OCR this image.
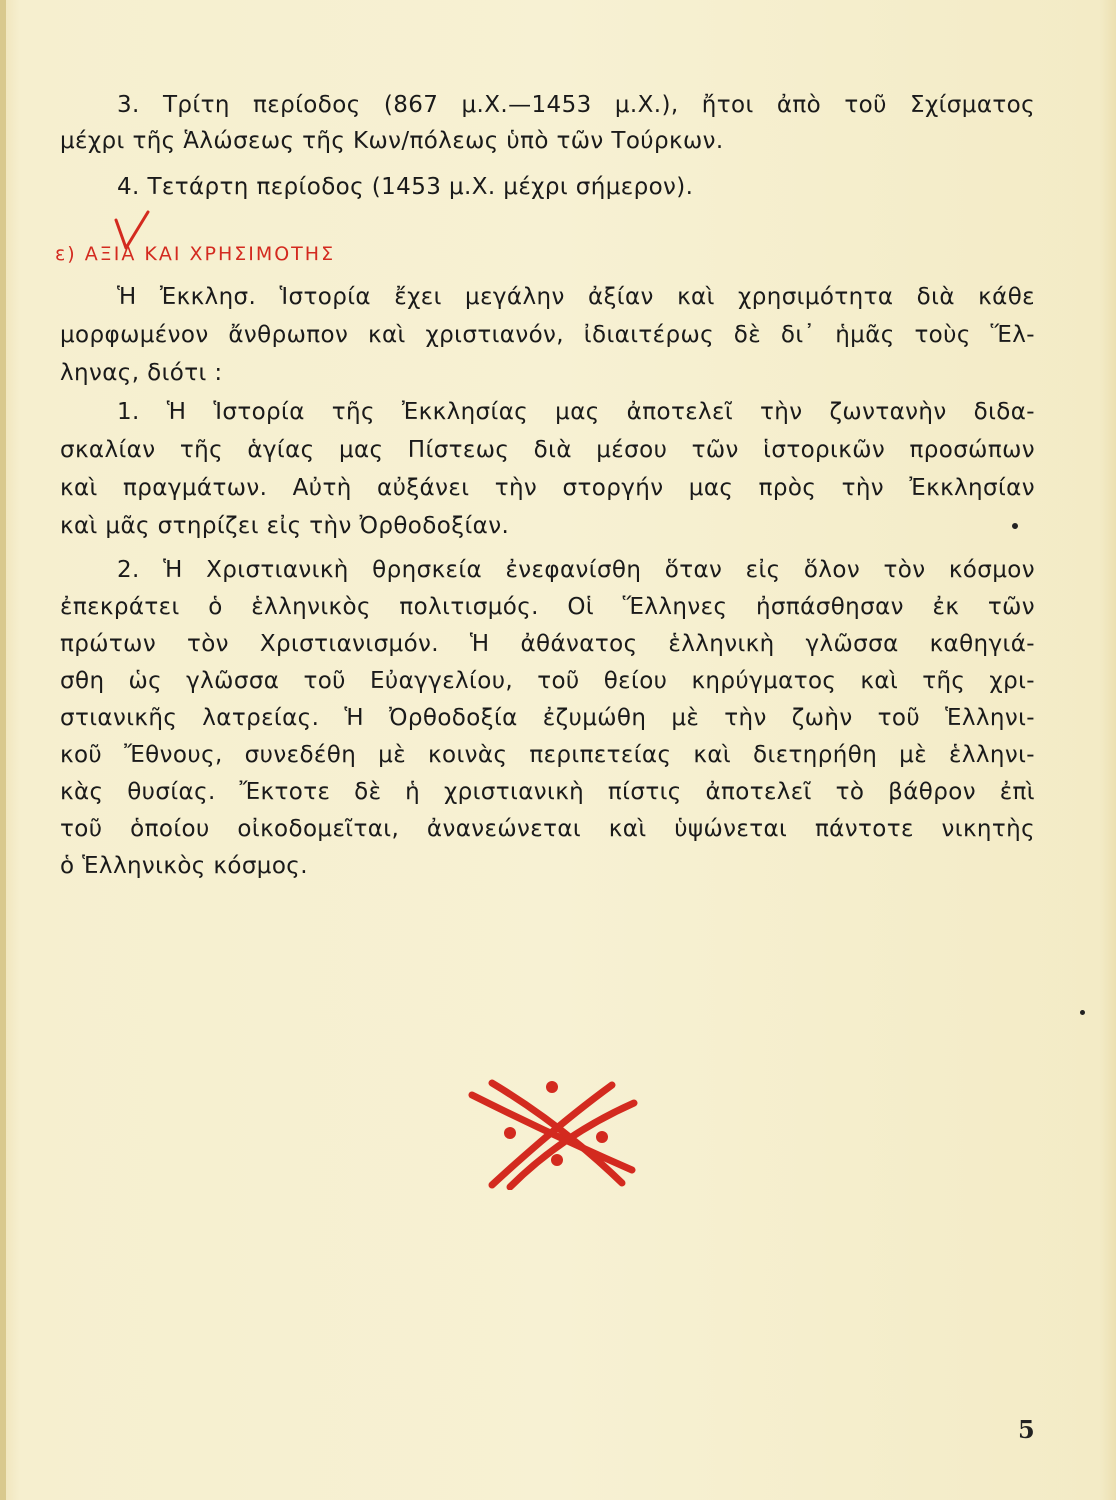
3. Τρίτη περίοδος (867 μ.Χ.—1453 μ.Χ.), ἤτοι ἀπὸ τοῦ Σχίσματος
μέχρι τῆς Ἁλώσεως τῆς Κων/πόλεως ὑπὸ τῶν Τούρκων.
4. Τετάρτη περίοδος (1453 μ.Χ. μέχρι σήμερον).
ε) ΑΞΙΑ ΚΑΙ ΧΡΗΣΙΜΟΤΗΣ
Ἡ Ἐκκλησ. Ἱστορία ἔχει μεγάλην ἀξίαν καὶ χρησιμότητα διὰ κάθε
μορφωμένον ἄνθρωπον καὶ χριστιανόν, ἰδιαιτέρως δὲ δι᾿ ἡμᾶς τοὺς Ἕλ-
ληνας, διότι :
1. Ἡ Ἱστορία τῆς Ἐκκλησίας μας ἀποτελεῖ τὴν ζωντανὴν διδα-
σκαλίαν τῆς ἁγίας μας Πίστεως διὰ μέσου τῶν ἱστορικῶν προσώπων
καὶ πραγμάτων. Αὐτὴ αὐξάνει τὴν στοργήν μας πρὸς τὴν Ἐκκλησίαν
καὶ μᾶς στηρίζει εἰς τὴν Ὀρθοδοξίαν.
2. Ἡ Χριστιανικὴ θρησκεία ἐνεφανίσθη ὅταν εἰς ὅλον τὸν κόσμον
ἐπεκράτει ὁ ἑλληνικὸς πολιτισμός. Οἱ Ἕλληνες ἠσπάσθησαν ἐκ τῶν
πρώτων τὸν Χριστιανισμόν. Ἡ ἀθάνατος ἑλληνικὴ γλῶσσα καθηγιά-
σθη ὡς γλῶσσα τοῦ Εὐαγγελίου, τοῦ θείου κηρύγματος καὶ τῆς χρι-
στιανικῆς λατρείας. Ἡ Ὀρθοδοξία ἐζυμώθη μὲ τὴν ζωὴν τοῦ Ἑλληνι-
κοῦ Ἔθνους, συνεδέθη μὲ κοινὰς περιπετείας καὶ διετηρήθη μὲ ἑλληνι-
κὰς θυσίας. Ἔκτοτε δὲ ἡ χριστιανικὴ πίστις ἀποτελεῖ τὸ βάθρον ἐπὶ
τοῦ ὁποίου οἰκοδομεῖται, ἀνανεώνεται καὶ ὑψώνεται πάντοτε νικητὴς
ὁ Ἑλληνικὸς κόσμος.
5
